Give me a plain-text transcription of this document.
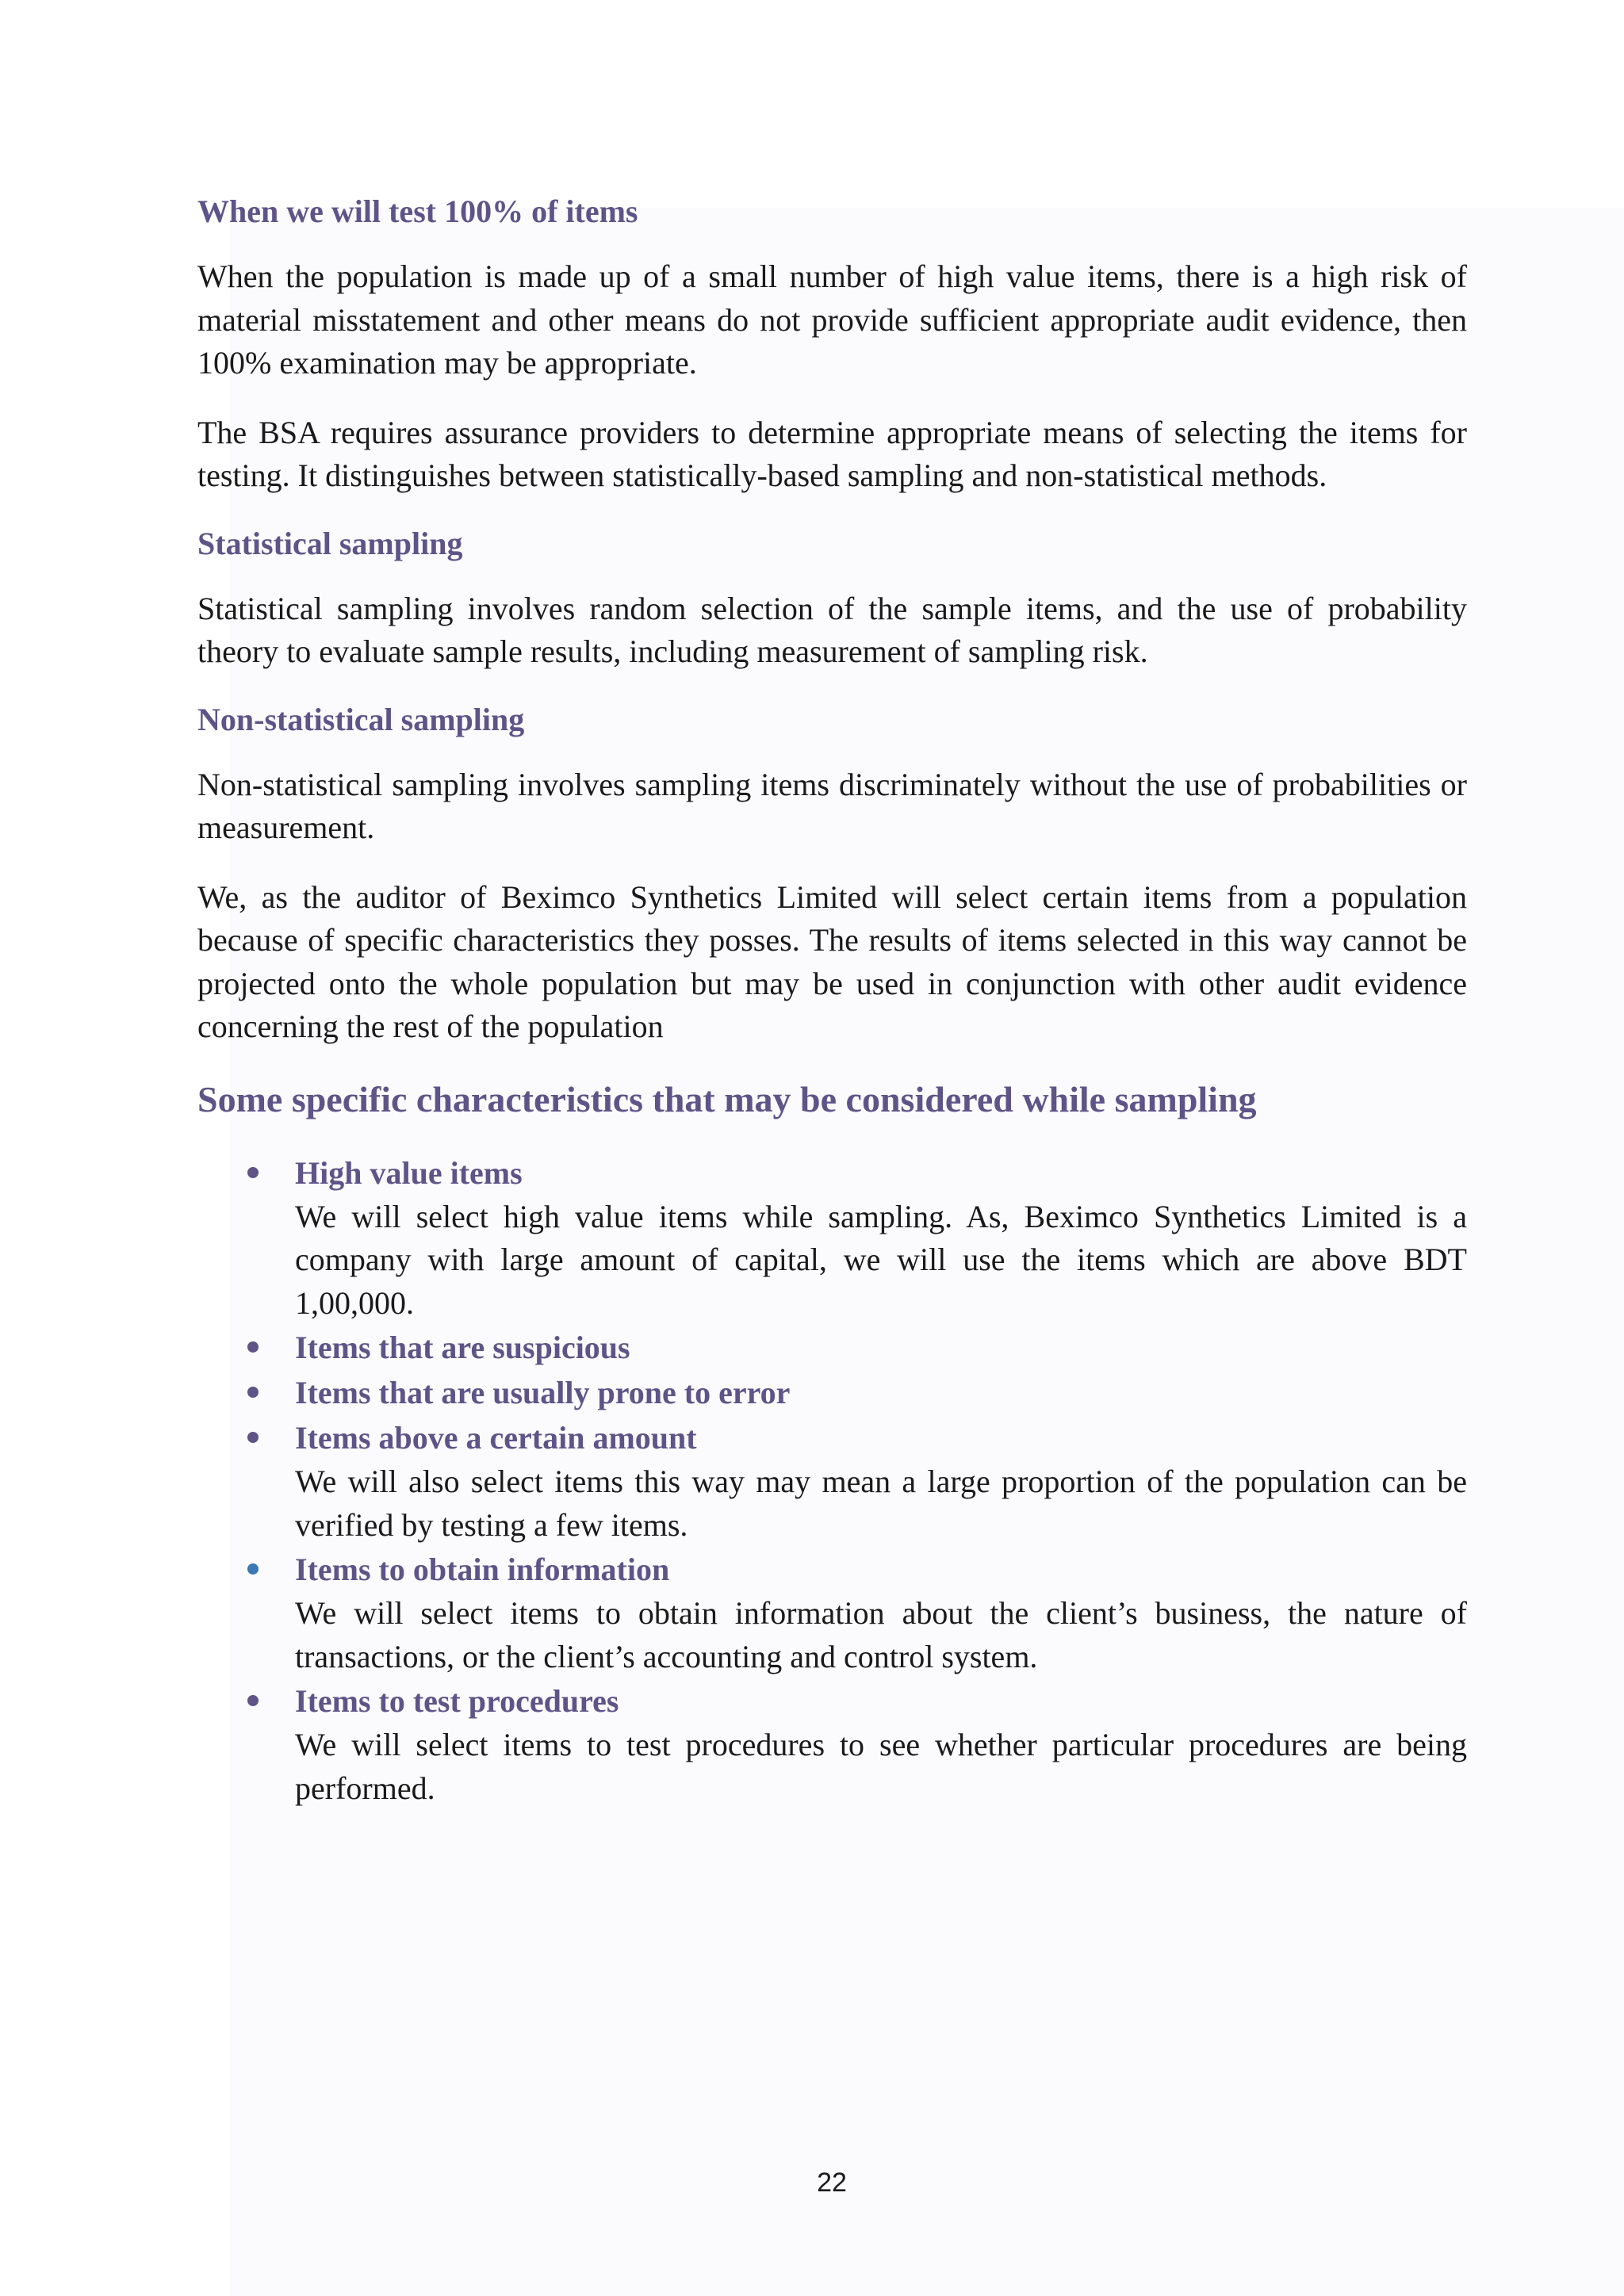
When we will test 100% of items

When the population is made up of a small number of high value items, there is a high risk of material misstatement and other means do not provide sufficient appropriate audit evidence, then 100% examination may be appropriate.

The BSA requires assurance providers to determine appropriate means of selecting the items for testing. It distinguishes between statistically-based sampling and non-statistical methods.

Statistical sampling

Statistical sampling involves random selection of the sample items, and the use of probability theory to evaluate sample results, including measurement of sampling risk.

Non-statistical sampling

Non-statistical sampling involves sampling items discriminately without the use of probabilities or measurement.

We, as the auditor of Beximco Synthetics Limited will select certain items from a population because of specific characteristics they posses. The results of items selected in this way cannot be projected onto the whole population but may be used in conjunction with other audit evidence concerning the rest of the population

Some specific characteristics that may be considered while sampling
High value items
We will select high value items while sampling. As, Beximco Synthetics Limited is a company with large amount of capital, we will use the items which are above BDT 1,00,000.
Items that are suspicious
Items that are usually prone to error
Items above a certain amount
We will also select items this way may mean a large proportion of the population can be verified by testing a few items.
Items to obtain information
We will select items to obtain information about the client’s business, the nature of transactions, or the client’s accounting and control system.
Items to test procedures
We will select items to test procedures to see whether particular procedures are being performed.
22
